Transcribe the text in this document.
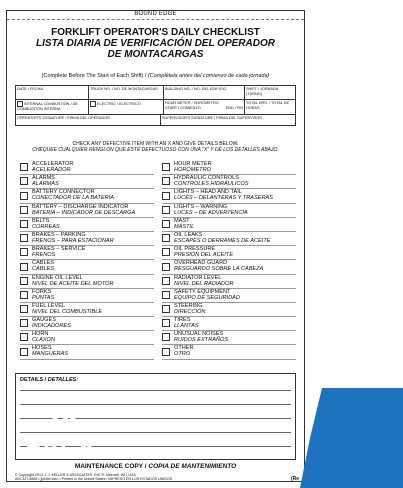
BOUND EDGE
FORKLIFT OPERATOR'S DAILY CHECKLIST
LISTA DIARIA DE VERIFICACIÓN DEL OPERADOR
DE MONTACARGAS
(Complete Before The Start of Each Shift) / (Complétela antes del comienzo de cada jornada)
DATE / FECHA	TRUCK NO. / NO. DE MONTACARGAS	BUILDING NO. / NO. DEL EDIFICIO	SHIFT / JORNADA (TURNO)
INTERNAL COMBUSTION / DE COMBUSTIÓN INTERNA
ELECTRIC / ELÉCTRICO	HOUR METER / HORÓMETRO
START / COMIENZO	END / FIN
TOTAL HRS. / TOTAL DE HORAS
OPERATOR'S SIGNATURE / FIRMA DEL OPERADOR	SUPERVISOR'S SIGNATURE / FIRMA DEL SUPERVISOR
CHECK ANY DEFECTIVE ITEM WITH AN X AND GIVE DETAILS BELOW.
CHEQUEE CUALQUIER RENGLÓN QUE ESTÉ DEFECTUOSO CON UNA "X" Y DÉ LOS DETALLES ABAJO.
ACCELERATOR
ACELERADOR
ALARMS
ALARMAS
BATTERY CONNECTOR
CONECTADOR DE LA BATERÍA
BATTERY – DISCHARGE INDICATOR
BATERÍA – INDICADOR DE DESCARGA
BELTS
CORREAS
BRAKES – PARKING
FRENOS – PARA ESTACIONAR
BRAKES – SERVICE
FRENOS
CABLES
CABLES
ENGINE OIL LEVEL
NIVEL DE ACEITE DEL MOTOR
FORKS
PUNTAS
FUEL LEVEL
NIVEL DEL COMBUSTIBLE
GAUGES
INDICADORES
HORN
CLAXON
HOSES
MANGUERAS
HOUR METER
HORÓMETRO
HYDRAULIC CONTROLS
CONTROLES HIDRÁULICOS
LIGHTS – HEAD AND TAIL
LUCES – DELANTERAS Y TRASERAS
LIGHTS – WARNING
LUCES – DE ADVERTENCIA
MAST
MÁSTIL
OIL LEAKS
ESCAPES O DERRAMES DE ACEITE
OIL PRESSURE
PRESIÓN DEL ACEITE
OVERHEAD GUARD
RESGUARDO SOBRE LA CABEZA
RADIATOR LEVEL
NIVEL DEL RADIADOR
SAFETY EQUIPMENT
EQUIPO DE SEGURIDAD
STEERING
DIRECCIÓN
TIRES
LLANTAS
UNUSUAL NOISES
RUIDOS EXTRAÑOS
OTHER
OTRO
DETAILS / DETALLES:
MAINTENANCE COPY / COPIA DE MANTENIMIENTO
© Copyright 2013 J. J. KELLER & ASSOCIATES, INC.®, Neenah, WI • USA
800-327-6868 • jjkeller.com • Printed in the United States / IMPRESO EN LOS ESTADOS UNIDOS	(Re
25
PACK
